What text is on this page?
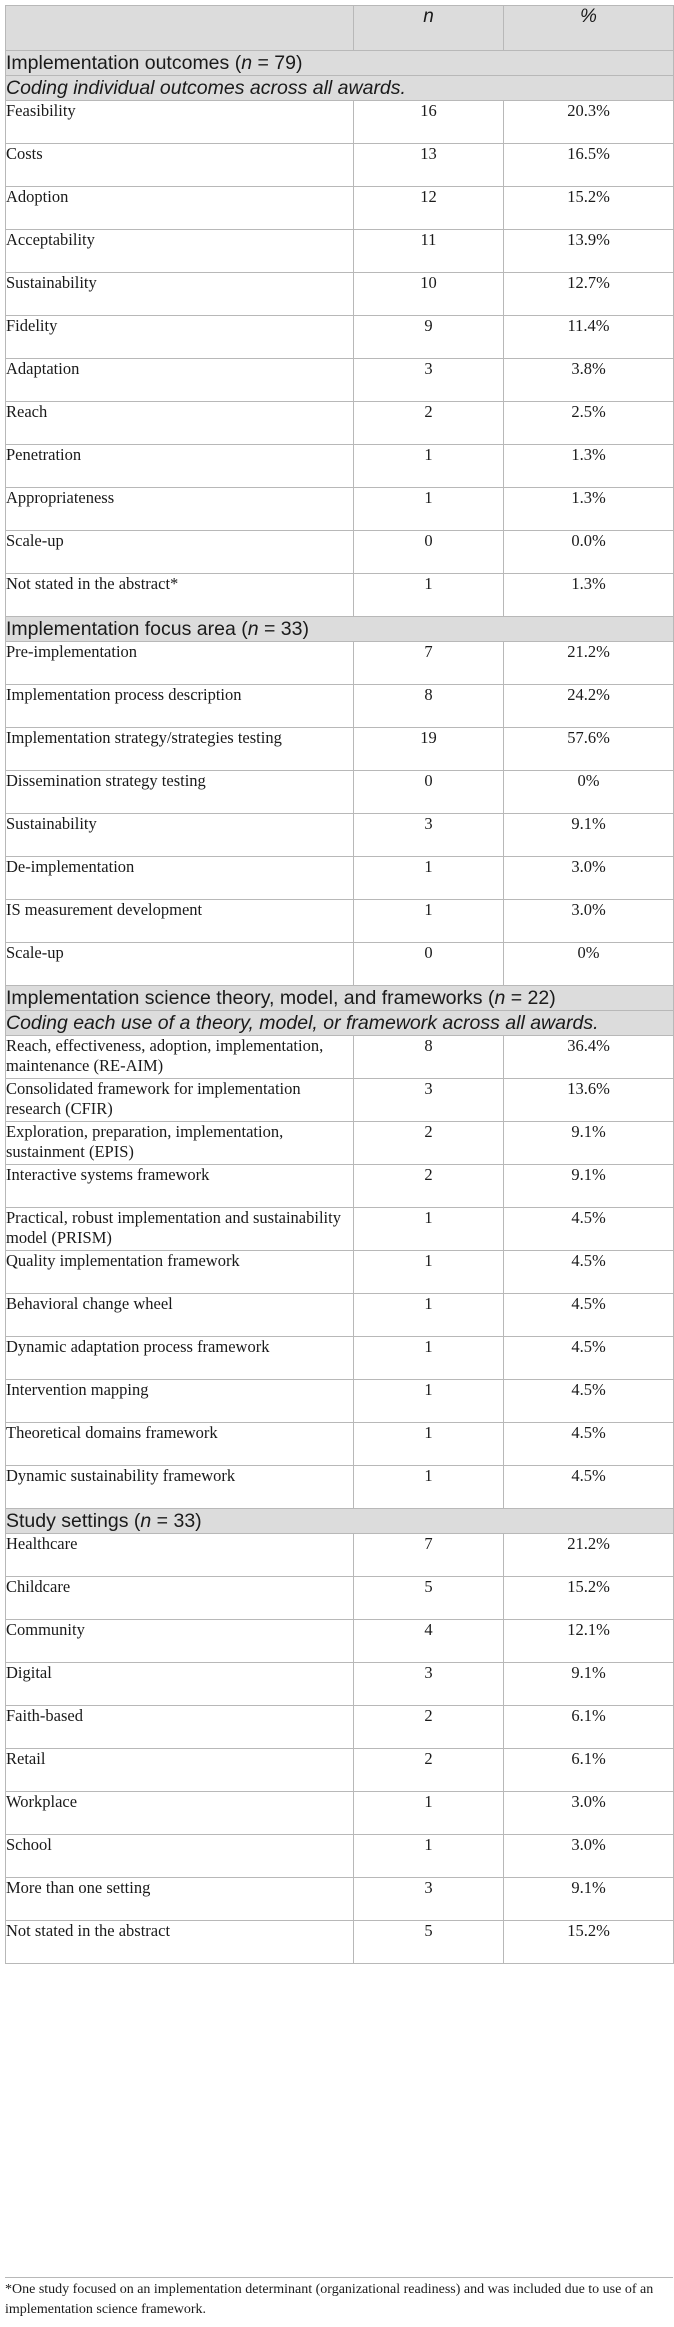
	n	%
Implementation outcomes (n = 79)		
Coding individual outcomes across all awards.		
Feasibility	16	20.3%
Costs	13	16.5%
Adoption	12	15.2%
Acceptability	11	13.9%
Sustainability	10	12.7%
Fidelity	9	11.4%
Adaptation	3	3.8%
Reach	2	2.5%
Penetration	1	1.3%
Appropriateness	1	1.3%
Scale-up	0	0.0%
Not stated in the abstract*	1	1.3%
Implementation focus area (n = 33)		
Pre-implementation	7	21.2%
Implementation process description	8	24.2%
Implementation strategy/strategies testing	19	57.6%
Dissemination strategy testing	0	0%
Sustainability	3	9.1%
De-implementation	1	3.0%
IS measurement development	1	3.0%
Scale-up	0	0%
Implementation science theory, model, and frameworks (n = 22)		
Coding each use of a theory, model, or framework across all awards.		
Reach, effectiveness, adoption, implementation, maintenance (RE-AIM)	8	36.4%
Consolidated framework for implementation research (CFIR)	3	13.6%
Exploration, preparation, implementation, sustainment (EPIS)	2	9.1%
Interactive systems framework	2	9.1%
Practical, robust implementation and sustainability model (PRISM)	1	4.5%
Quality implementation framework	1	4.5%
Behavioral change wheel	1	4.5%
Dynamic adaptation process framework	1	4.5%
Intervention mapping	1	4.5%
Theoretical domains framework	1	4.5%
Dynamic sustainability framework	1	4.5%
Study settings (n = 33)		
Healthcare	7	21.2%
Childcare	5	15.2%
Community	4	12.1%
Digital	3	9.1%
Faith-based	2	6.1%
Retail	2	6.1%
Workplace	1	3.0%
School	1	3.0%
More than one setting	3	9.1%
Not stated in the abstract	5	15.2%
*One study focused on an implementation determinant (organizational readiness) and was included due to use of an implementation science framework.
